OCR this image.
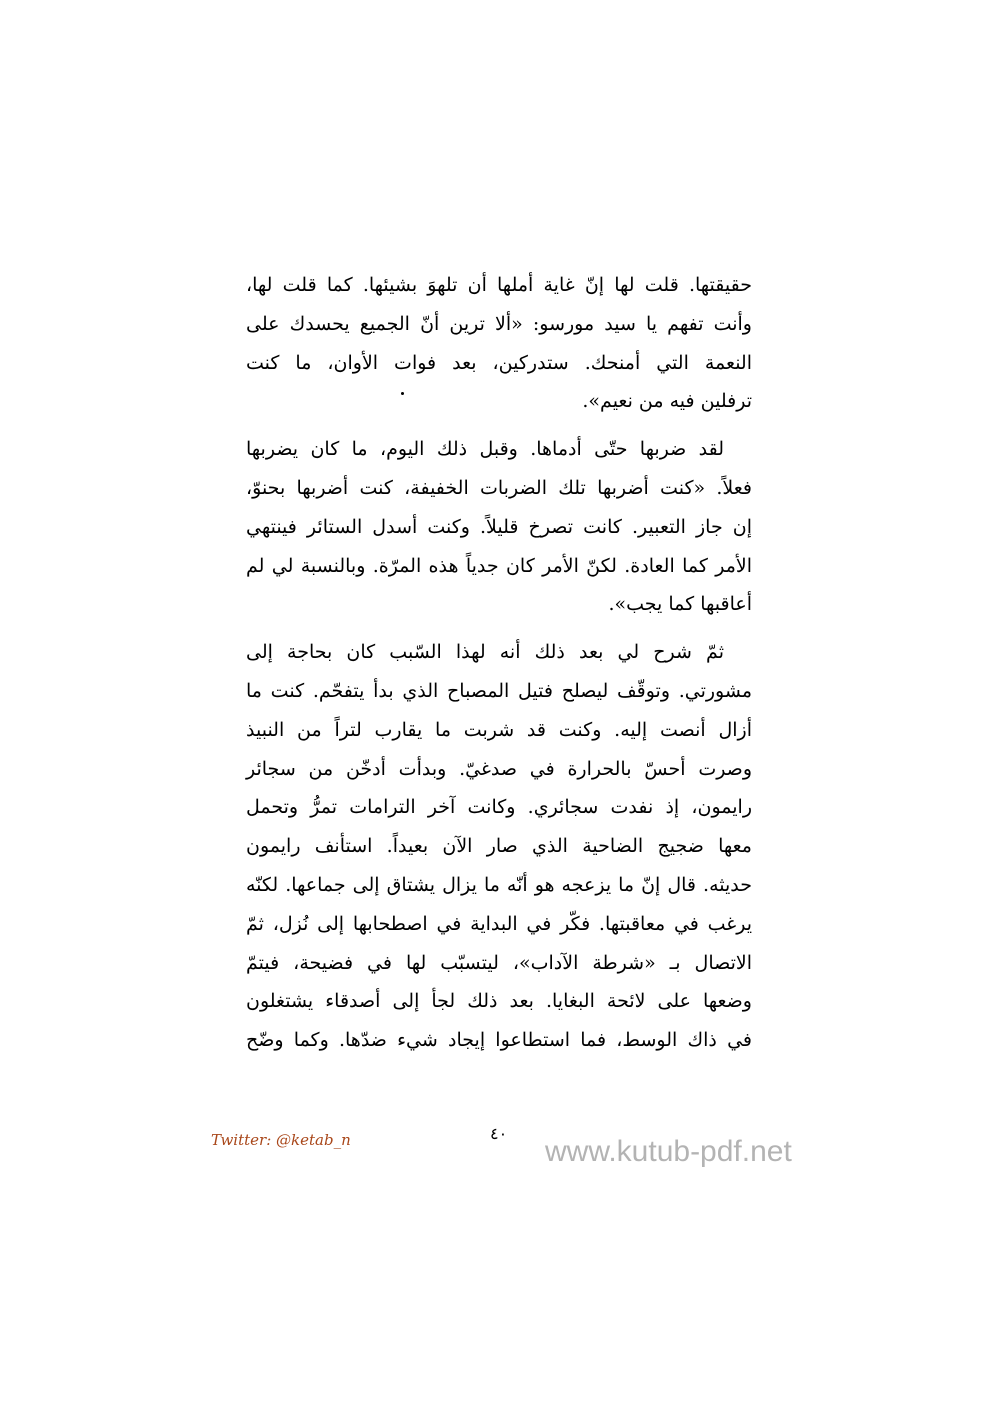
حقيقتها. قلت لها إنّ غاية أملها أن تلهوَ بشيئها. كما قلت لها،
وأنت تفهم يا سيد مورسو: «ألا ترين أنّ الجميع يحسدك على
النعمة التي أمنحك. ستدركين، بعد فوات الأوان، ما كنت
ترفلين فيه من نعيم».
لقد ضربها حتّى أدماها. وقبل ذلك اليوم، ما كان يضربها
فعلاً. «كنت أضربها تلك الضربات الخفيفة، كنت أضربها بحنوّ،
إن جاز التعبير. كانت تصرخ قليلاً. وكنت أسدل الستائر فينتهي
الأمر كما العادة. لكنّ الأمر كان جدياً هذه المرّة. وبالنسبة لي لم
أعاقبها كما يجب».
ثمّ شرح لي بعد ذلك أنه لهذا السّبب كان بحاجة إلى
مشورتي. وتوقّف ليصلح فتيل المصباح الذي بدأ يتفحّم. كنت ما
أزال أنصت إليه. وكنت قد شربت ما يقارب لتراً من النبيذ
وصرت أحسّ بالحرارة في صدغيّ. وبدأت أدخّن من سجائر
رايمون، إذ نفدت سجائري. وكانت آخر الترامات تمرُّ وتحمل
معها ضجيج الضاحية الذي صار الآن بعيداً. استأنف رايمون
حديثه. قال إنّ ما يزعجه هو أنّه ما يزال يشتاق إلى جماعها. لكنّه
يرغب في معاقبتها. فكّر في البداية في اصطحابها إلى نُزل، ثمّ
الاتصال بـ «شرطة الآداب»، ليتسبّب لها في فضيحة، فيتمّ
وضعها على لائحة البغايا. بعد ذلك لجأ إلى أصدقاء يشتغلون
في ذاك الوسط، فما استطاعوا إيجاد شيء ضدّها. وكما وضّح
Twitter: @ketab_n	٤٠
www.kutub-pdf.net
